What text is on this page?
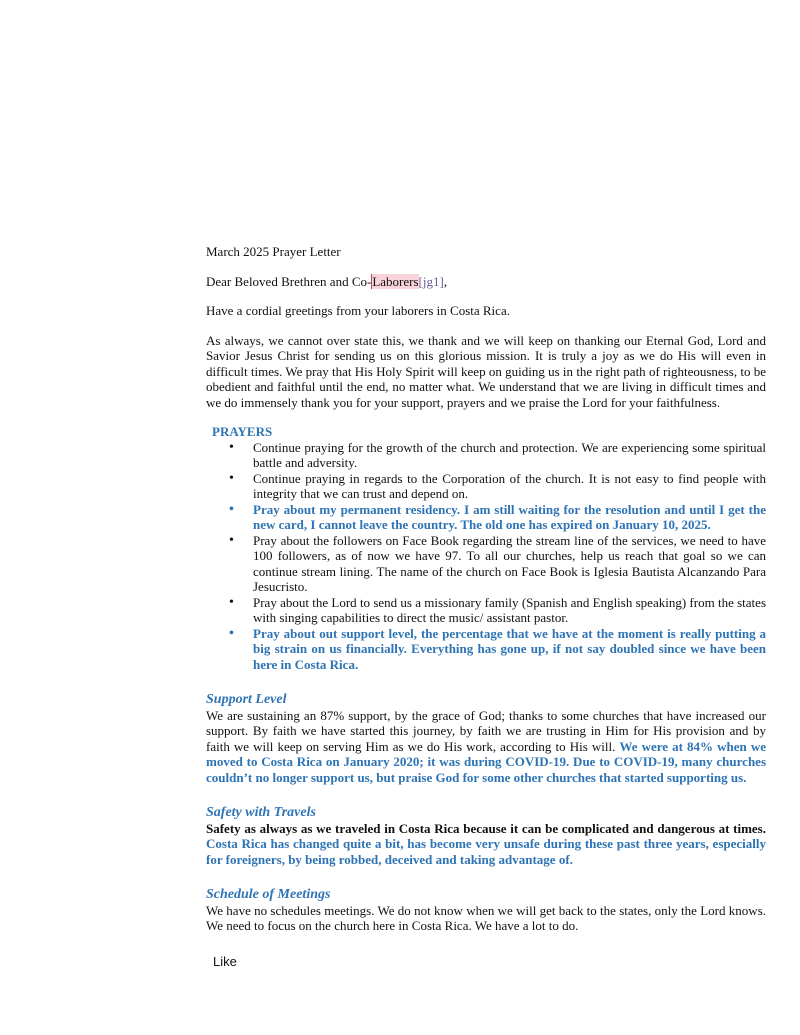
March 2025 Prayer Letter

Dear Beloved Brethren and Co-Laborers[jg1],

Have a cordial greetings from your laborers in Costa Rica.

As always, we cannot over state this, we thank and we will keep on thanking our Eternal God, Lord and Savior Jesus Christ for sending us on this glorious mission. It is truly a joy as we do His will even in difficult times. We pray that His Holy Spirit will keep on guiding us in the right path of righteousness, to be obedient and faithful until the end, no matter what. We understand that we are living in difficult times and we do immensely thank you for your support, prayers and we praise the Lord for your faithfulness.

PRAYERS

• Continue praying for the growth of the church and protection. We are experiencing some spiritual battle and adversity.
• Continue praying in regards to the Corporation of the church. It is not easy to find people with integrity that we can trust and depend on.
• Pray about my permanent residency. I am still waiting for the resolution and until I get the new card, I cannot leave the country. The old one has expired on January 10, 2025.
• Pray about the followers on Face Book regarding the stream line of the services, we need to have 100 followers, as of now we have 97. To all our churches, help us reach that goal so we can continue stream lining. The name of the church on Face Book is Iglesia Bautista Alcanzando Para Jesucristo.
• Pray about the Lord to send us a missionary family (Spanish and English speaking) from the states with singing capabilities to direct the music/ assistant pastor.
• Pray about out support level, the percentage that we have at the moment is really putting a big strain on us financially. Everything has gone up, if not say doubled since we have been here in Costa Rica.

Support Level

We are sustaining an 87% support, by the grace of God; thanks to some churches that have increased our support. By faith we have started this journey, by faith we are trusting in Him for His provision and by faith we will keep on serving Him as we do His work, according to His will. We were at 84% when we moved to Costa Rica on January 2020; it was during COVID-19. Due to COVID-19, many churches couldn’t no longer support us, but praise God for some other churches that started supporting us.

Safety with Travels

Safety as always as we traveled in Costa Rica because it can be complicated and dangerous at times. Costa Rica has changed quite a bit, has become very unsafe during these past three years, especially for foreigners, by being robbed, deceived and taking advantage of.

Schedule of Meetings

We have no schedules meetings. We do not know when we will get back to the states, only the Lord knows. We need to focus on the church here in Costa Rica. We have a lot to do.

Like
